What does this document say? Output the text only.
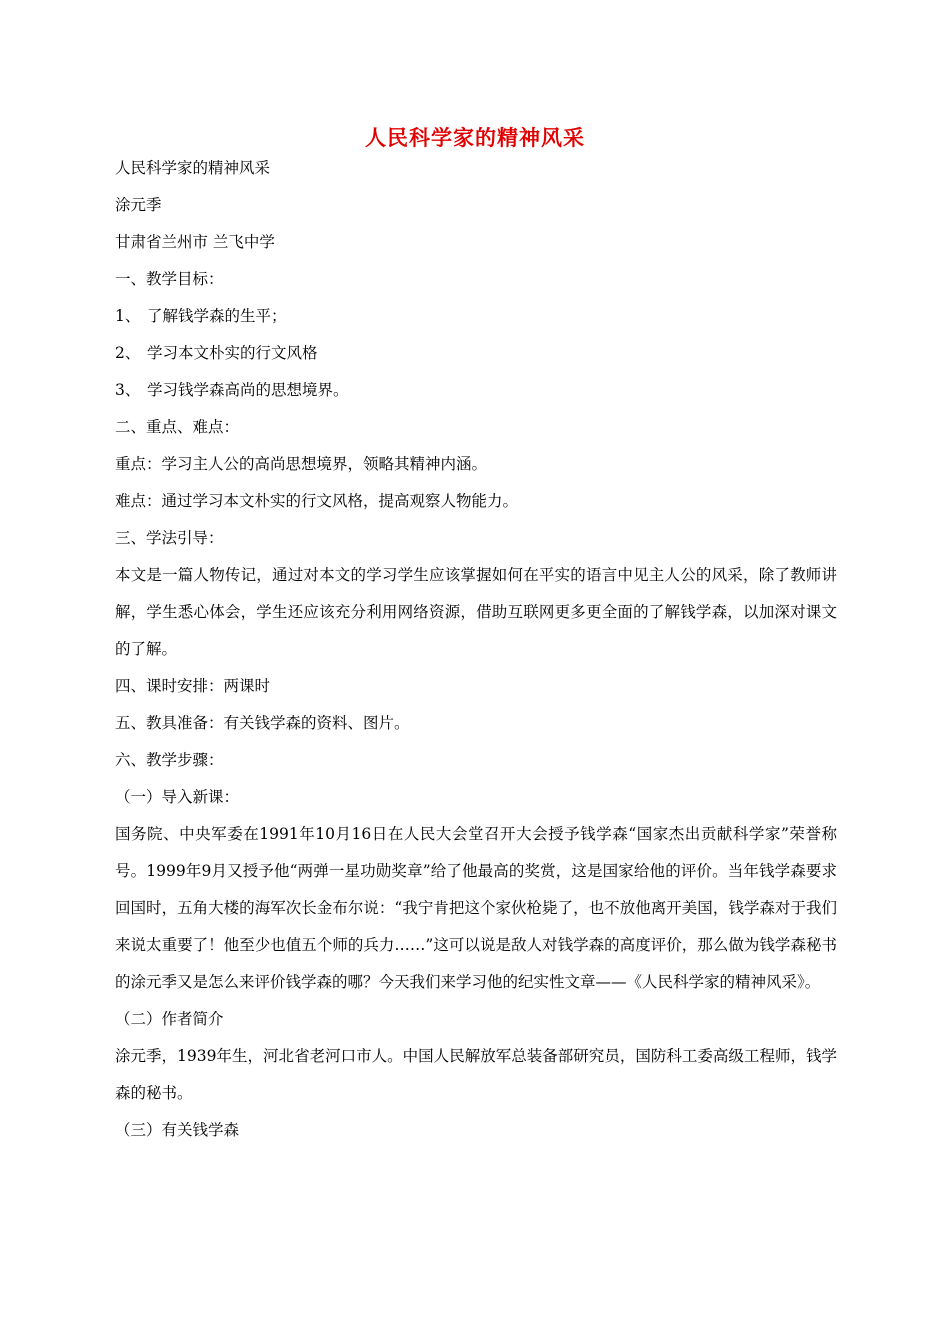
人民科学家的精神风采
人民科学家的精神风采
涂元季
甘肃省兰州市 兰飞中学
一、教学目标：
1、 了解钱学森的生平；
2、 学习本文朴实的行文风格
3、 学习钱学森高尚的思想境界。
二、重点、难点：
重点：学习主人公的高尚思想境界，领略其精神内涵。
难点：通过学习本文朴实的行文风格，提高观察人物能力。
三、学法引导：
本文是一篇人物传记，通过对本文的学习学生应该掌握如何在平实的语言中见主人公的风采，除了教师讲解，学生悉心体会，学生还应该充分利用网络资源，借助互联网更多更全面的了解钱学森，以加深对课文的了解。
四、课时安排：两课时
五、教具准备：有关钱学森的资料、图片。
六、教学步骤：
（一）导入新课：
国务院、中央军委在1991年10月16日在人民大会堂召开大会授予钱学森“国家杰出贡献科学家”荣誉称号。1999年9月又授予他“两弹一星功勋奖章”给了他最高的奖赏，这是国家给他的评价。当年钱学森要求回国时，五角大楼的海军次长金布尔说：“我宁肯把这个家伙枪毙了，也不放他离开美国，钱学森对于我们来说太重要了！他至少也值五个师的兵力……”这可以说是敌人对钱学森的高度评价，那么做为钱学森秘书的涂元季又是怎么来评价钱学森的哪？今天我们来学习他的纪实性文章——《人民科学家的精神风采》。
（二）作者简介
涂元季，1939年生，河北省老河口市人。中国人民解放军总装备部研究员，国防科工委高级工程师，钱学森的秘书。
（三）有关钱学森
